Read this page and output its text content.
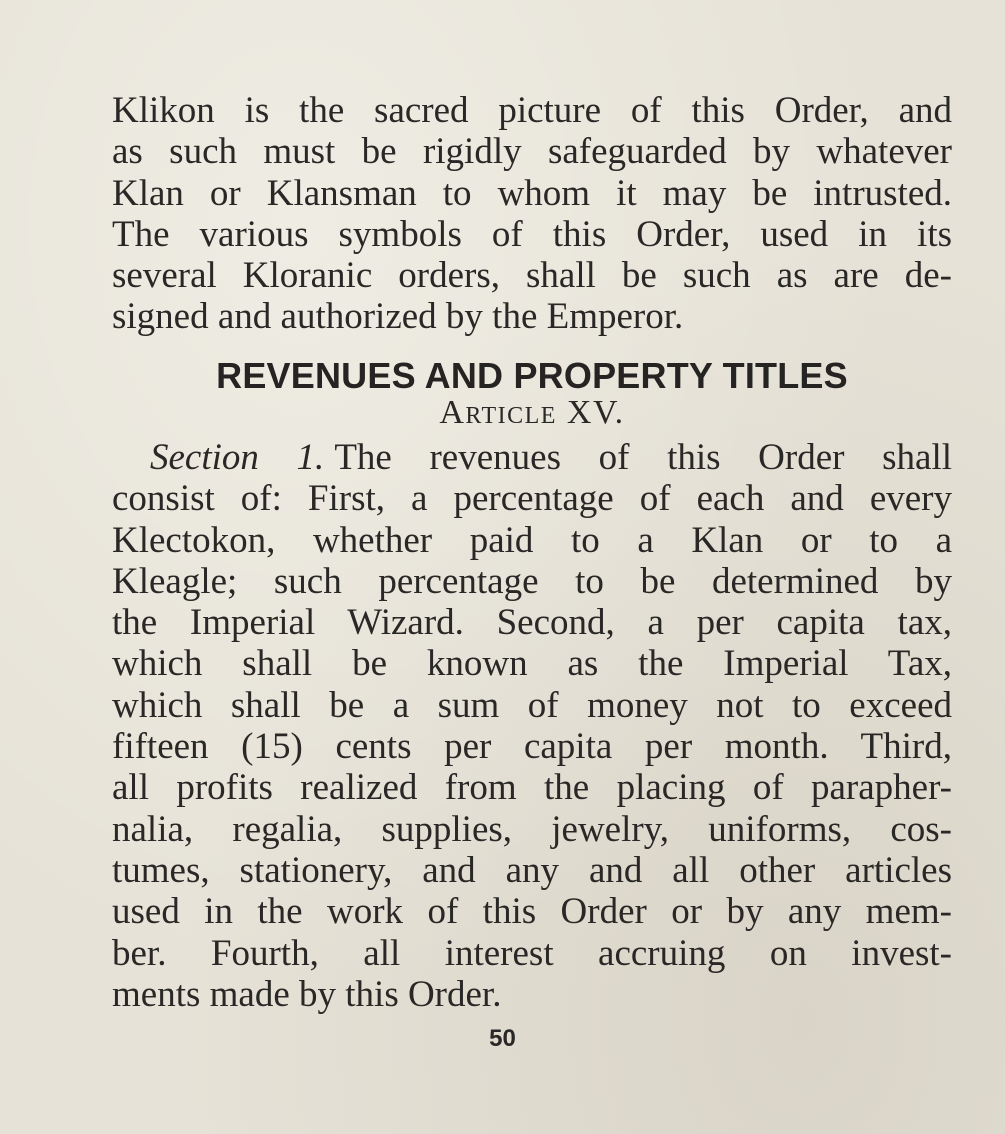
Klikon is the sacred picture of this Order, and
as such must be rigidly safeguarded by whatever
Klan or Klansman to whom it may be intrusted.
The various symbols of this Order, used in its
several Kloranic orders, shall be such as are de-
signed and authorized by the Emperor.
REVENUES AND PROPERTY TITLES
Article XV.
Section 1. The revenues of this Order shall
consist of: First, a percentage of each and every
Klectokon, whether paid to a Klan or to a
Kleagle; such percentage to be determined by
the Imperial Wizard. Second, a per capita tax,
which shall be known as the Imperial Tax,
which shall be a sum of money not to exceed
fifteen (15) cents per capita per month. Third,
all profits realized from the placing of parapher-
nalia, regalia, supplies, jewelry, uniforms, cos-
tumes, stationery, and any and all other articles
used in the work of this Order or by any mem-
ber. Fourth, all interest accruing on invest-
ments made by this Order.
50
